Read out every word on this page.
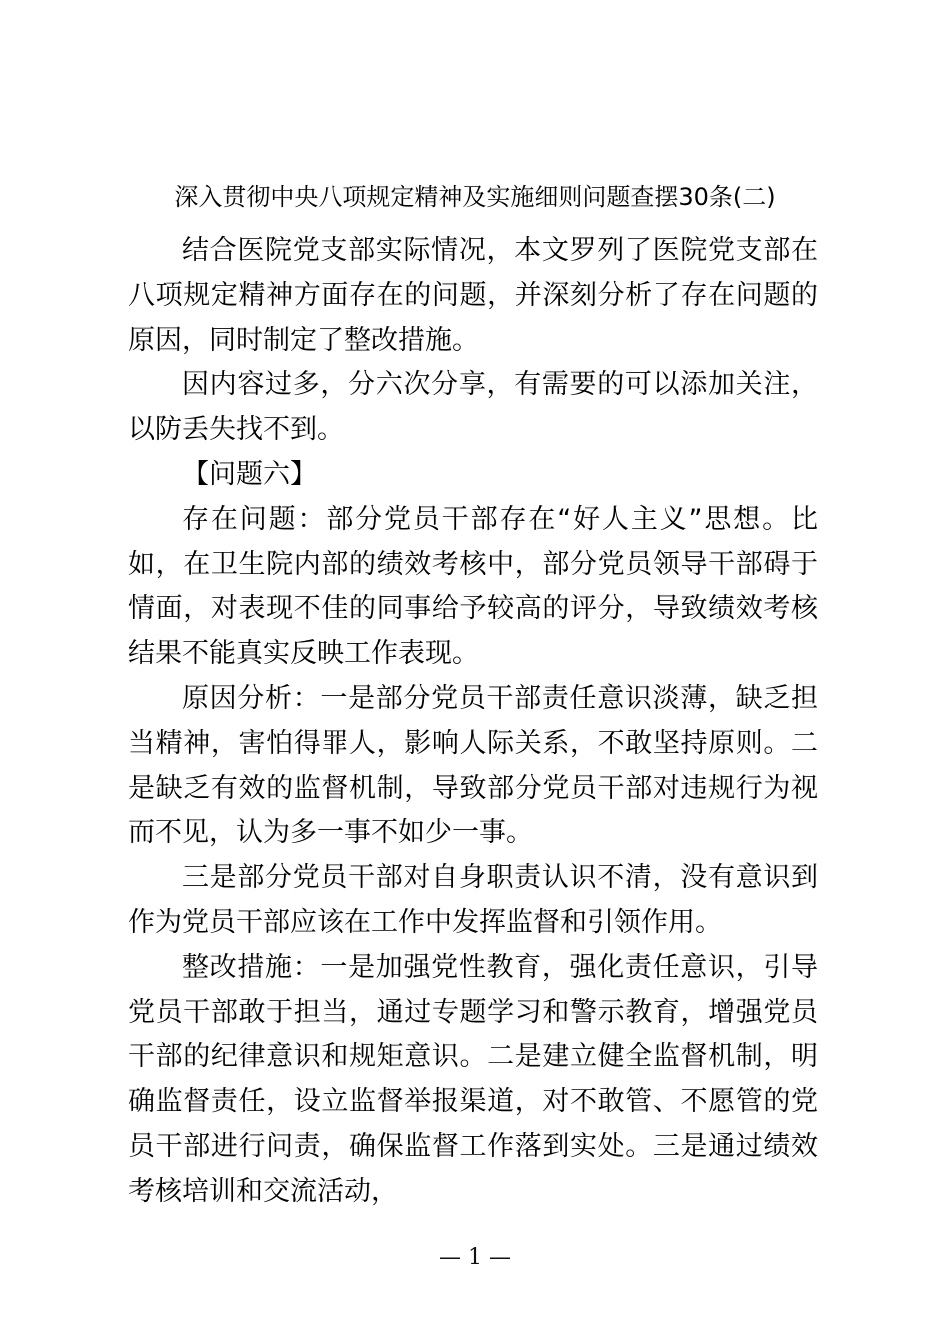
深入贯彻中央八项规定精神及实施细则问题查摆30条(二)

结合医院党支部实际情况，本文罗列了医院党支部在八项规定精神方面存在的问题，并深刻分析了存在问题的原因，同时制定了整改措施。

因内容过多，分六次分享，有需要的可以添加关注，以防丢失找不到。

【问题六】

存在问题：部分党员干部存在“好人主义”思想。比如，在卫生院内部的绩效考核中，部分党员领导干部碍于情面，对表现不佳的同事给予较高的评分，导致绩效考核结果不能真实反映工作表现。

原因分析：一是部分党员干部责任意识淡薄，缺乏担当精神，害怕得罪人，影响人际关系，不敢坚持原则。二是缺乏有效的监督机制，导致部分党员干部对违规行为视而不见，认为多一事不如少一事。

三是部分党员干部对自身职责认识不清，没有意识到作为党员干部应该在工作中发挥监督和引领作用。

整改措施：一是加强党性教育，强化责任意识，引导党员干部敢于担当，通过专题学习和警示教育，增强党员干部的纪律意识和规矩意识。二是建立健全监督机制，明确监督责任，设立监督举报渠道，对不敢管、不愿管的党员干部进行问责，确保监督工作落到实处。三是通过绩效考核培训和交流活动，

— 1 —
